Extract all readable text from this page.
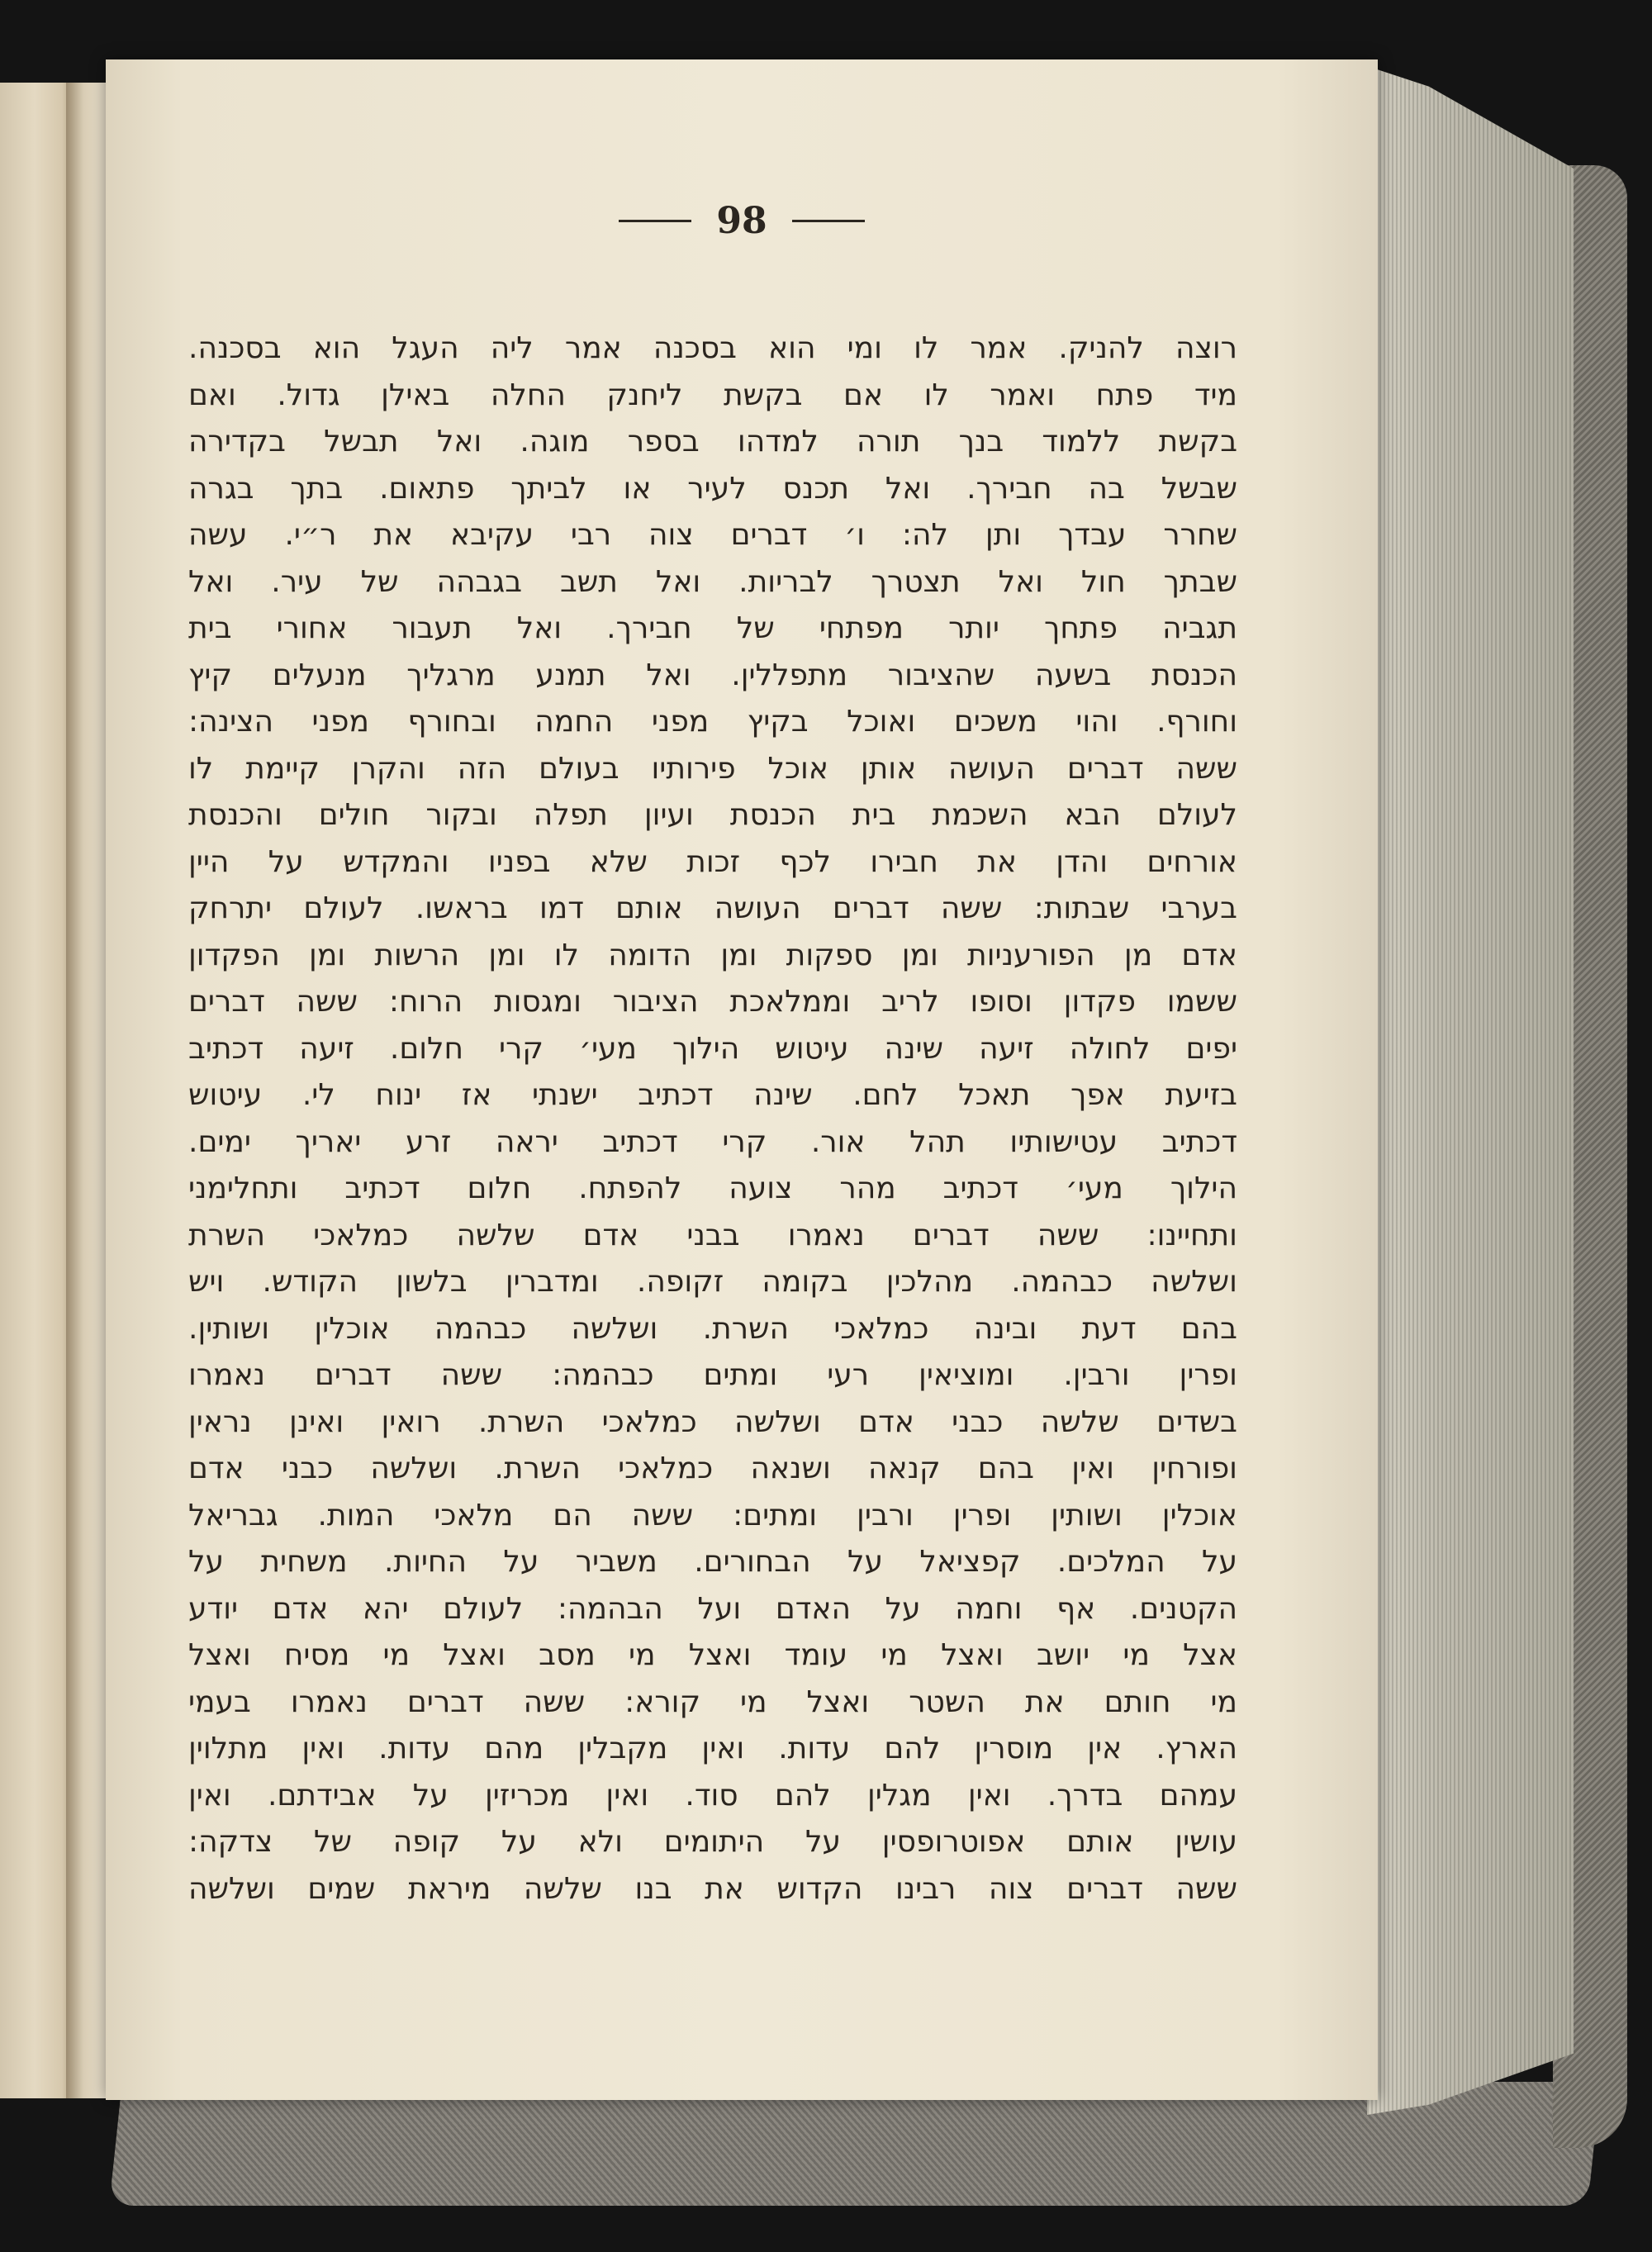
98
רוצה להניק. אמר לו ומי הוא בסכנה אמר ליה העגל הוא בסכנה.
מיד פתח ואמר לו אם בקשת ליחנק החלה באילן גדול. ואם
בקשת ללמוד בנך תורה למדהו בספר מוגה. ואל תבשל בקדירה
שבשל בה חבירך. ואל תכנס לעיר או לביתך פתאום. בתך בגרה
שחרר עבדך ותן לה: ו׳ דברים צוה רבי עקיבא את ר״י. עשה
שבתך חול ואל תצטרך לבריות. ואל תשב בגבהה של עיר. ואל
תגביה פתחך יותר מפתחי של חבירך. ואל תעבור אחורי בית
הכנסת בשעה שהציבור מתפללין. ואל תמנע מרגליך מנעלים קיץ
וחורף. והוי משכים ואוכל בקיץ מפני החמה ובחורף מפני הצינה:
ששה דברים העושה אותן אוכל פירותיו בעולם הזה והקרן קיימת לו
לעולם הבא השכמת בית הכנסת ועיון תפלה ובקור חולים והכנסת
אורחים והדן את חבירו לכף זכות שלא בפניו והמקדש על היין
בערבי שבתות: ששה דברים העושה אותם דמו בראשו. לעולם יתרחק
אדם מן הפורעניות ומן ספקות ומן הדומה לו ומן הרשות ומן הפקדון
ששמו פקדון וסופו לריב וממלאכת הציבור ומגסות הרוח: ששה דברים
יפים לחולה זיעה שינה עיטוש הילוך מעי׳ קרי חלום. זיעה דכתיב
בזיעת אפך תאכל לחם. שינה דכתיב ישנתי אז ינוח לי. עיטוש
דכתיב עטישותיו תהל אור. קרי דכתיב יראה זרע יאריך ימים.
הילוך מעי׳ דכתיב מהר צועה להפתח. חלום דכתיב ותחלימני
ותחיינו: ששה דברים נאמרו בבני אדם שלשה כמלאכי השרת
ושלשה כבהמה. מהלכין בקומה זקופה. ומדברין בלשון הקודש. ויש
בהם דעת ובינה כמלאכי השרת. ושלשה כבהמה אוכלין ושותין.
ופרין ורבין. ומוציאין רעי ומתים כבהמה: ששה דברים נאמרו
בשדים שלשה כבני אדם ושלשה כמלאכי השרת. רואין ואינן נראין
ופורחין ואין בהם קנאה ושנאה כמלאכי השרת. ושלשה כבני אדם
אוכלין ושותין ופרין ורבין ומתים: ששה הם מלאכי המות. גבריאל
על המלכים. קפציאל על הבחורים. משביר על החיות. משחית על
הקטנים. אף וחמה על האדם ועל הבהמה: לעולם יהא אדם יודע
אצל מי יושב ואצל מי עומד ואצל מי מסב ואצל מי מסיח ואצל
מי חותם את השטר ואצל מי קורא: ששה דברים נאמרו בעמי
הארץ. אין מוסרין להם עדות. ואין מקבלין מהם עדות. ואין מתלוין
עמהם בדרך. ואין מגלין להם סוד. ואין מכריזין על אבידתם. ואין
עושין אותם אפוטרופסין על היתומים ולא על קופה של צדקה:
ששה דברים צוה רבינו הקדוש את בנו שלשה מיראת שמים ושלשה
